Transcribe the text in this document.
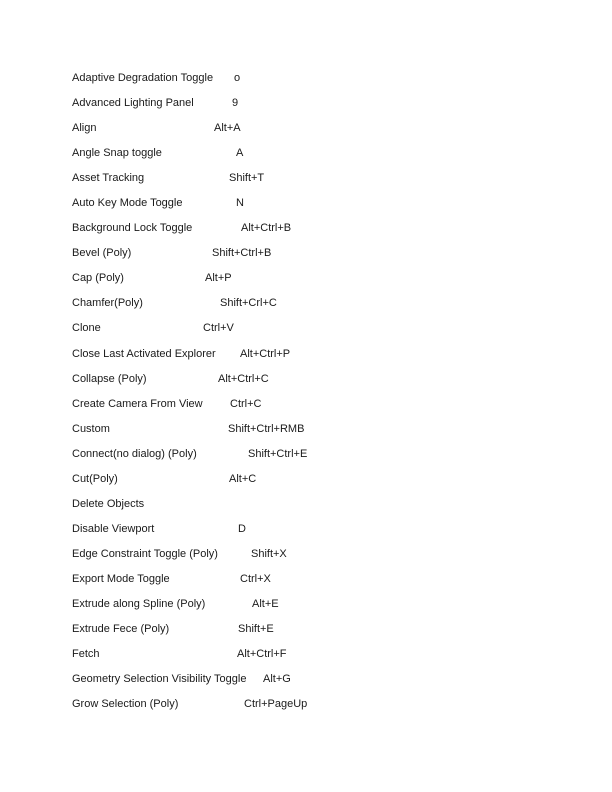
Adaptive Degradation Toggle o
Advanced Lighting Panel	9
Align	Alt+A
Angle Snap toggle	A
Asset Tracking	Shift+T
Auto Key Mode Toggle	N
Background Lock Toggle	Alt+Ctrl+B
Bevel (Poly)	Shift+Ctrl+B
Cap (Poly)	Alt+P
Chamfer(Poly)	Shift+Crl+C
Clone	Ctrl+V
Close Last Activated Explorer Alt+Ctrl+P
Collapse (Poly)	Alt+Ctrl+C
Create Camera From View Ctrl+C
Custom	Shift+Ctrl+RMB
Connect(no dialog) (Poly)	Shift+Ctrl+E
Cut(Poly)	Alt+C
Delete Objects
Disable Viewport	D
Edge Constraint Toggle (Poly)	Shift+X
Export Mode Toggle	Ctrl+X
Extrude along Spline (Poly)	Alt+E
Extrude Fece (Poly)	Shift+E
Fetch	Alt+Ctrl+F
Geometry Selection Visibility Toggle Alt+G
Grow Selection (Poly)	Ctrl+PageUp
